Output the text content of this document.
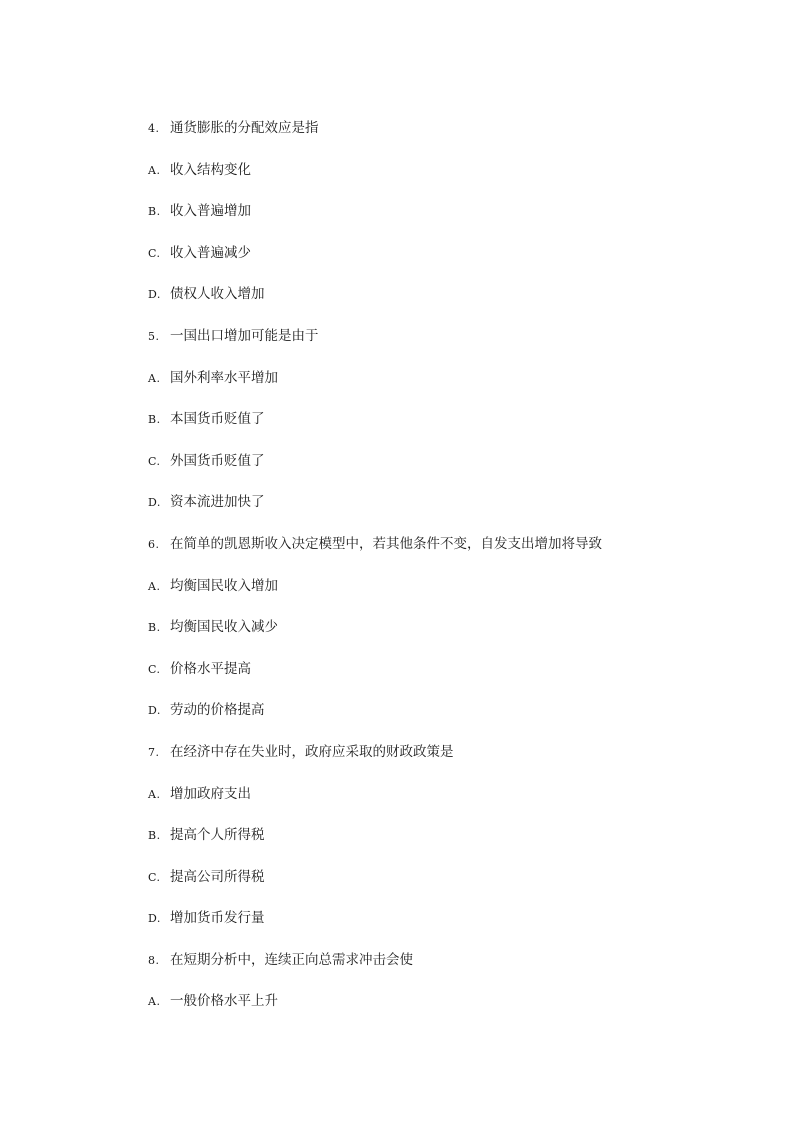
4. 通货膨胀的分配效应是指
A. 收入结构变化
B. 收入普遍增加
C. 收入普遍减少
D. 债权人收入增加
5. 一国出口增加可能是由于
A. 国外利率水平增加
B. 本国货币贬值了
C. 外国货币贬值了
D. 资本流进加快了
6. 在简单的凯恩斯收入决定模型中，若其他条件不变，自发支出增加将导致
A. 均衡国民收入增加
B. 均衡国民收入减少
C. 价格水平提高
D. 劳动的价格提高
7. 在经济中存在失业时，政府应采取的财政政策是
A. 增加政府支出
B. 提高个人所得税
C. 提高公司所得税
D. 增加货币发行量
8. 在短期分析中，连续正向总需求冲击会使
A. 一般价格水平上升
